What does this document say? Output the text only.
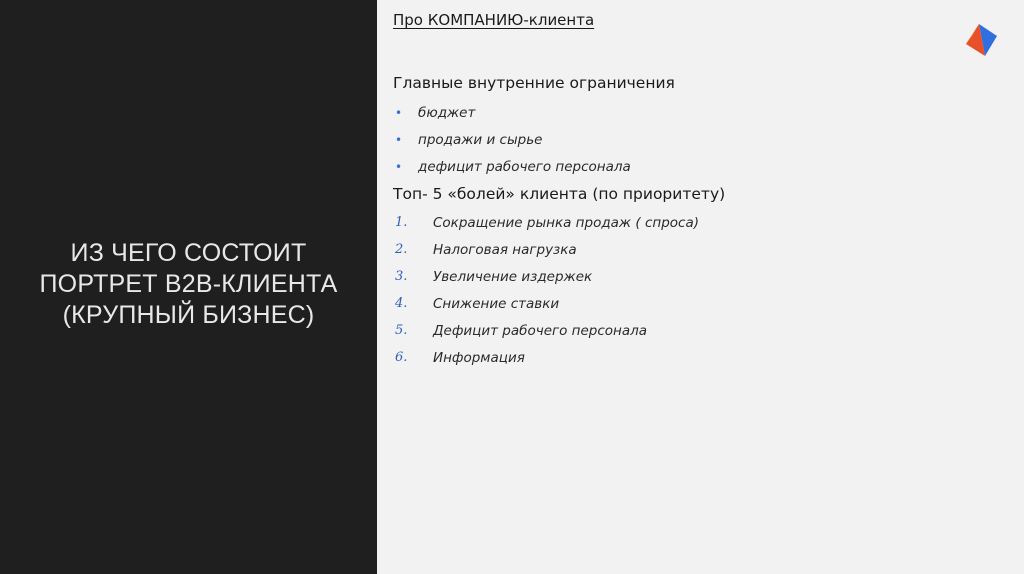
ИЗ ЧЕГО СОСТОИТ
ПОРТРЕТ B2B-КЛИЕНТА
(КРУПНЫЙ БИЗНЕС)
Про КОМПАНИЮ-клиента
Главные внутренние ограничения
• бюджет
• продажи и сырье
• дефицит рабочего персонала
Топ- 5 «болей» клиента (по приоритету)
1. Сокращение рынка продаж ( спроса)
2. Налоговая нагрузка
3. Увеличение издержек
4. Снижение ставки
5. Дефицит рабочего персонала
6. Информация
